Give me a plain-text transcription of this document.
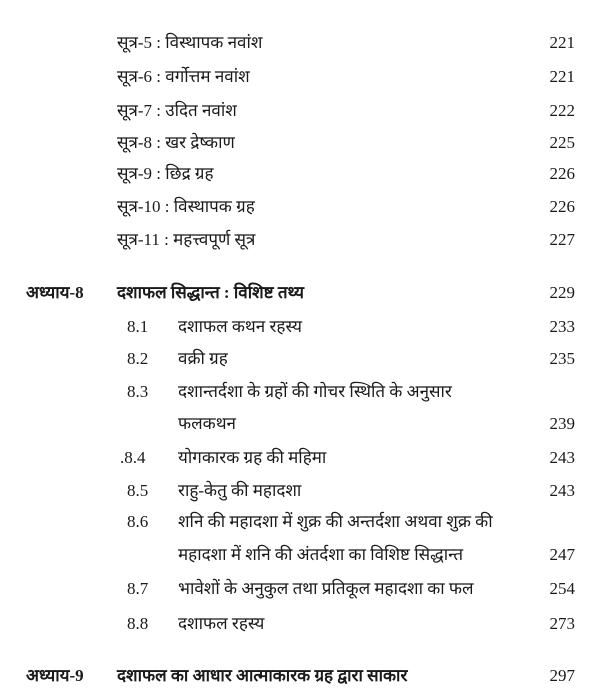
सूत्र-5 : विस्थापक नवांश	221
सूत्र-6 : वर्गोत्तम नवांश	221
सूत्र-7 : उदित नवांश	222
सूत्र-8 : खर द्रेष्काण	225
सूत्र-9 : छिद्र ग्रह	226
सूत्र-10 : विस्थापक ग्रह	226
सूत्र-11 : महत्त्वपूर्ण सूत्र	227
अध्याय-8 दशाफल सिद्धान्त : विशिष्ट तथ्य	229
8.1 दशाफल कथन रहस्य	233
8.2 वक्री ग्रह	235
8.3 दशान्तर्दशा के ग्रहों की गोचर स्थिति के अनुसार
फलकथन	239
.8.4 योगकारक ग्रह की महिमा	243
8.5 राहु-केतु की महादशा	243
8.6 शनि की महादशा में शुक्र की अन्तर्दशा अथवा शुक्र की
महादशा में शनि की अंतर्दशा का विशिष्ट सिद्धान्त	247
8.7 भावेशों के अनुकुल तथा प्रतिकूल महादशा का फल	254
8.8 दशाफल रहस्य	273
अध्याय-9 दशाफल का आधार आत्माकारक ग्रह द्वारा साकार	297
